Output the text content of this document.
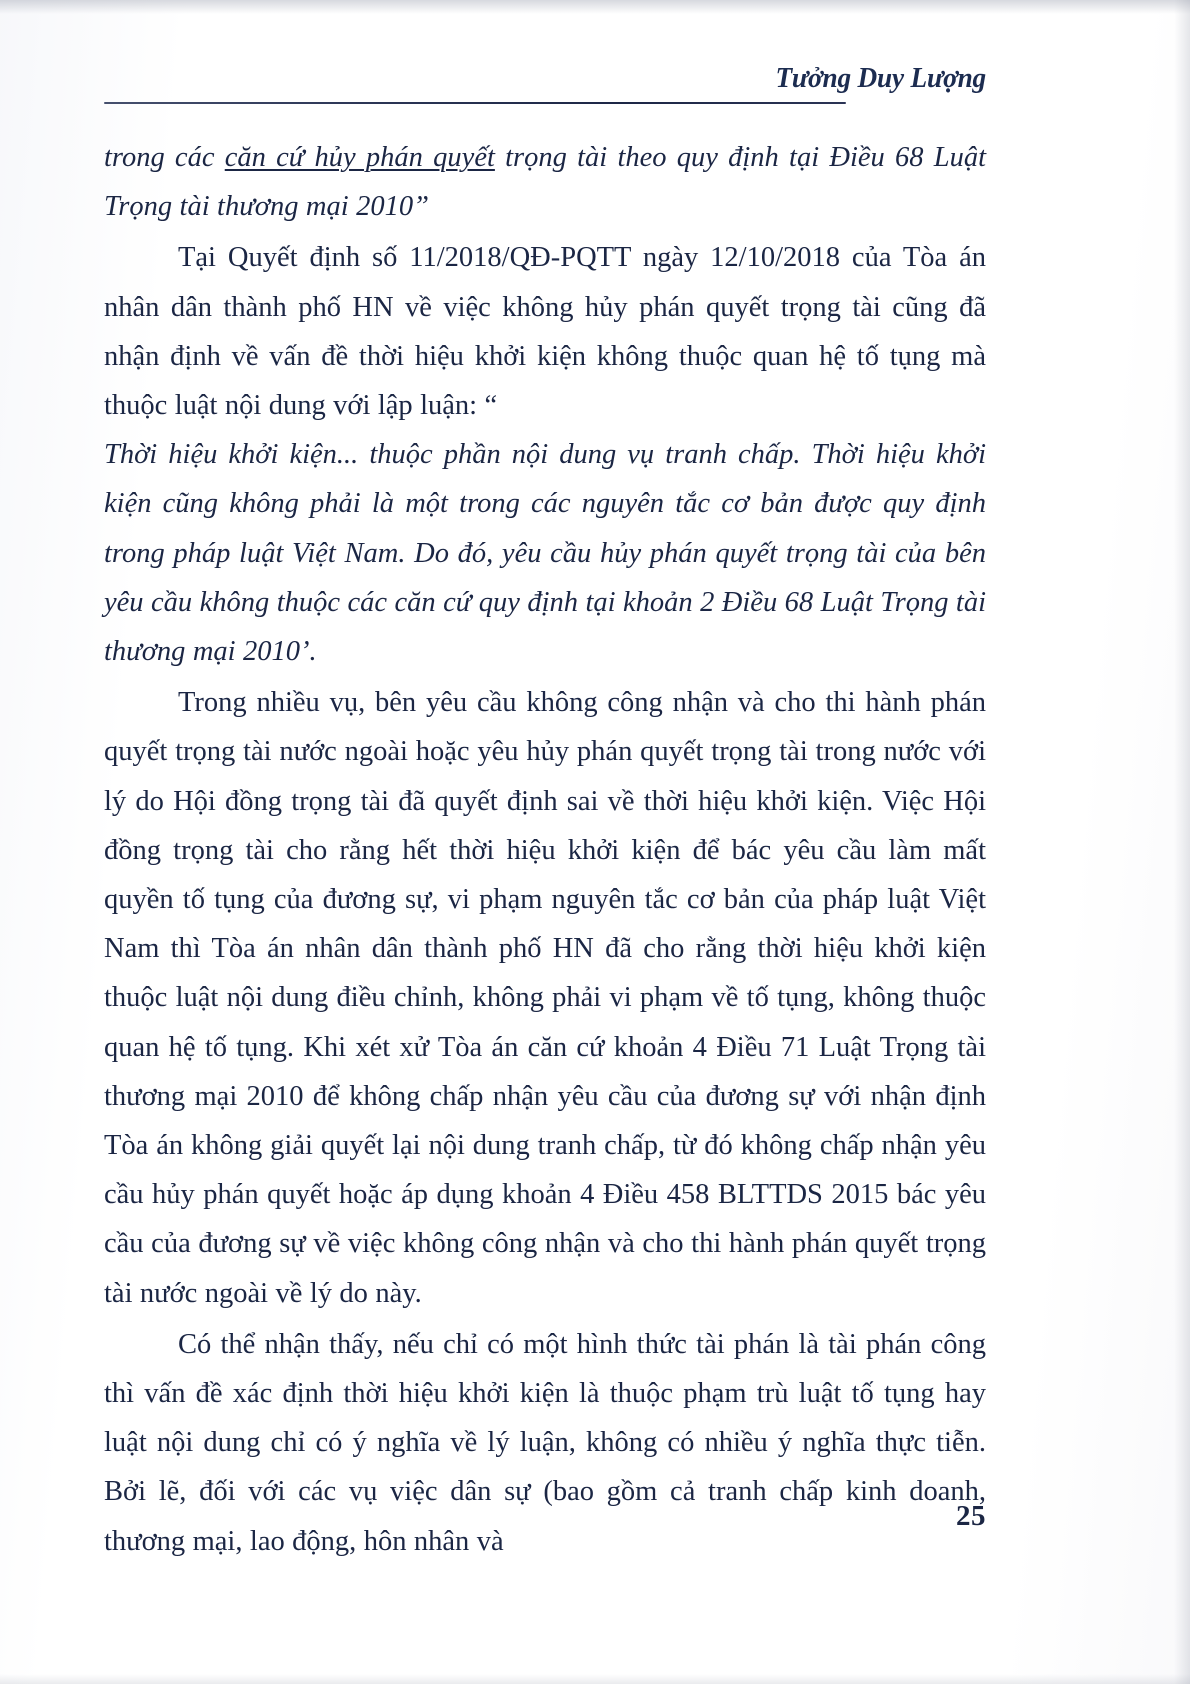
Tưởng Duy Lượng

trong các căn cứ hủy phán quyết trọng tài theo quy định tại Điều 68 Luật Trọng tài thương mại 2010”

Tại Quyết định số 11/2018/QĐ-PQTT ngày 12/10/2018 của Tòa án nhân dân thành phố HN về việc không hủy phán quyết trọng tài cũng đã nhận định về vấn đề thời hiệu khởi kiện không thuộc quan hệ tố tụng mà thuộc luật nội dung với lập luận: “

Thời hiệu khởi kiện... thuộc phần nội dung vụ tranh chấp. Thời hiệu khởi kiện cũng không phải là một trong các nguyên tắc cơ bản được quy định trong pháp luật Việt Nam. Do đó, yêu cầu hủy phán quyết trọng tài của bên yêu cầu không thuộc các căn cứ quy định tại khoản 2 Điều 68 Luật Trọng tài thương mại 2010’.

Trong nhiều vụ, bên yêu cầu không công nhận và cho thi hành phán quyết trọng tài nước ngoài hoặc yêu hủy phán quyết trọng tài trong nước với lý do Hội đồng trọng tài đã quyết định sai về thời hiệu khởi kiện. Việc Hội đồng trọng tài cho rằng hết thời hiệu khởi kiện để bác yêu cầu làm mất quyền tố tụng của đương sự, vi phạm nguyên tắc cơ bản của pháp luật Việt Nam thì Tòa án nhân dân thành phố HN đã cho rằng thời hiệu khởi kiện thuộc luật nội dung điều chỉnh, không phải vi phạm về tố tụng, không thuộc quan hệ tố tụng. Khi xét xử Tòa án căn cứ khoản 4 Điều 71 Luật Trọng tài thương mại 2010 để không chấp nhận yêu cầu của đương sự với nhận định Tòa án không giải quyết lại nội dung tranh chấp, từ đó không chấp nhận yêu cầu hủy phán quyết hoặc áp dụng khoản 4 Điều 458 BLTTDS 2015 bác yêu cầu của đương sự về việc không công nhận và cho thi hành phán quyết trọng tài nước ngoài về lý do này.

Có thể nhận thấy, nếu chỉ có một hình thức tài phán là tài phán công thì vấn đề xác định thời hiệu khởi kiện là thuộc phạm trù luật tố tụng hay luật nội dung chỉ có ý nghĩa về lý luận, không có nhiều ý nghĩa thực tiễn. Bởi lẽ, đối với các vụ việc dân sự (bao gồm cả tranh chấp kinh doanh, thương mại, lao động, hôn nhân và

25
